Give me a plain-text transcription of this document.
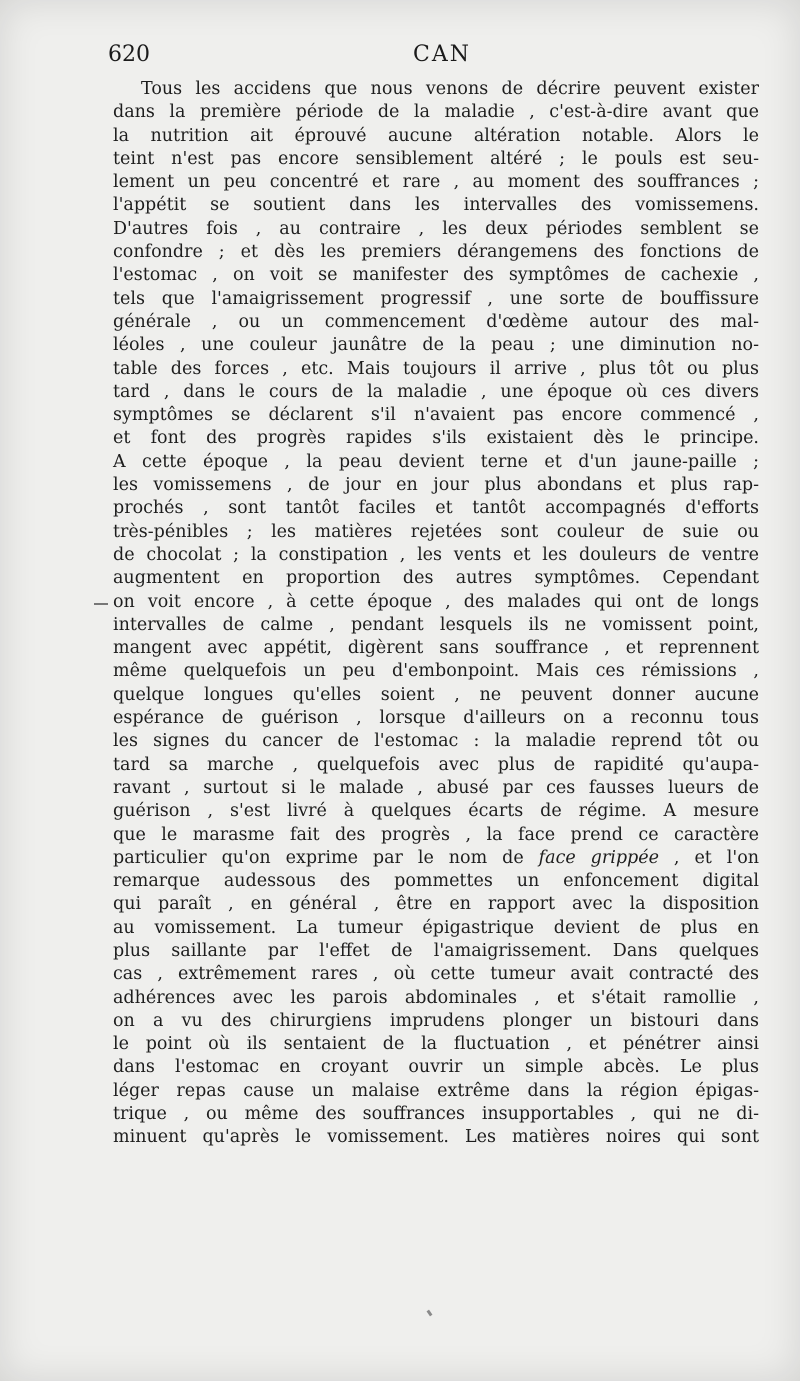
620	CAN
Tous les accidens que nous venons de décrire peuvent exister
dans la première période de la maladie , c'est-à-dire avant que
la nutrition ait éprouvé aucune altération notable. Alors le
teint n'est pas encore sensiblement altéré ; le pouls est seu-
lement un peu concentré et rare , au moment des souffrances ;
l'appétit se soutient dans les intervalles des vomissemens.
D'autres fois , au contraire , les deux périodes semblent se
confondre ; et dès les premiers dérangemens des fonctions de
l'estomac , on voit se manifester des symptômes de cachexie ,
tels que l'amaigrissement progressif , une sorte de bouffissure
générale , ou un commencement d'œdème autour des mal-
léoles , une couleur jaunâtre de la peau ; une diminution no-
table des forces , etc. Mais toujours il arrive , plus tôt ou plus
tard , dans le cours de la maladie , une époque où ces divers
symptômes se déclarent s'il n'avaient pas encore commencé ,
et font des progrès rapides s'ils existaient dès le principe.
A cette époque , la peau devient terne et d'un jaune-paille ;
les vomissemens , de jour en jour plus abondans et plus rap-
prochés , sont tantôt faciles et tantôt accompagnés d'efforts
très-pénibles ; les matières rejetées sont couleur de suie ou
de chocolat ; la constipation , les vents et les douleurs de ventre
augmentent en proportion des autres symptômes. Cependant
on voit encore , à cette époque , des malades qui ont de longs
intervalles de calme , pendant lesquels ils ne vomissent point,
mangent avec appétit, digèrent sans souffrance , et reprennent
même quelquefois un peu d'embonpoint. Mais ces rémissions ,
quelque longues qu'elles soient , ne peuvent donner aucune
espérance de guérison , lorsque d'ailleurs on a reconnu tous
les signes du cancer de l'estomac : la maladie reprend tôt ou
tard sa marche , quelquefois avec plus de rapidité qu'aupa-
ravant , surtout si le malade , abusé par ces fausses lueurs de
guérison , s'est livré à quelques écarts de régime. A mesure
que le marasme fait des progrès , la face prend ce caractère
particulier qu'on exprime par le nom de face grippée , et l'on
remarque audessous des pommettes un enfoncement digital
qui paraît , en général , être en rapport avec la disposition
au vomissement. La tumeur épigastrique devient de plus en
plus saillante par l'effet de l'amaigrissement. Dans quelques
cas , extrêmement rares , où cette tumeur avait contracté des
adhérences avec les parois abdominales , et s'était ramollie ,
on a vu des chirurgiens imprudens plonger un bistouri dans
le point où ils sentaient de la fluctuation , et pénétrer ainsi
dans l'estomac en croyant ouvrir un simple abcès. Le plus
léger repas cause un malaise extrême dans la région épigas-
trique , ou même des souffrances insupportables , qui ne di-
minuent qu'après le vomissement. Les matières noires qui sont
